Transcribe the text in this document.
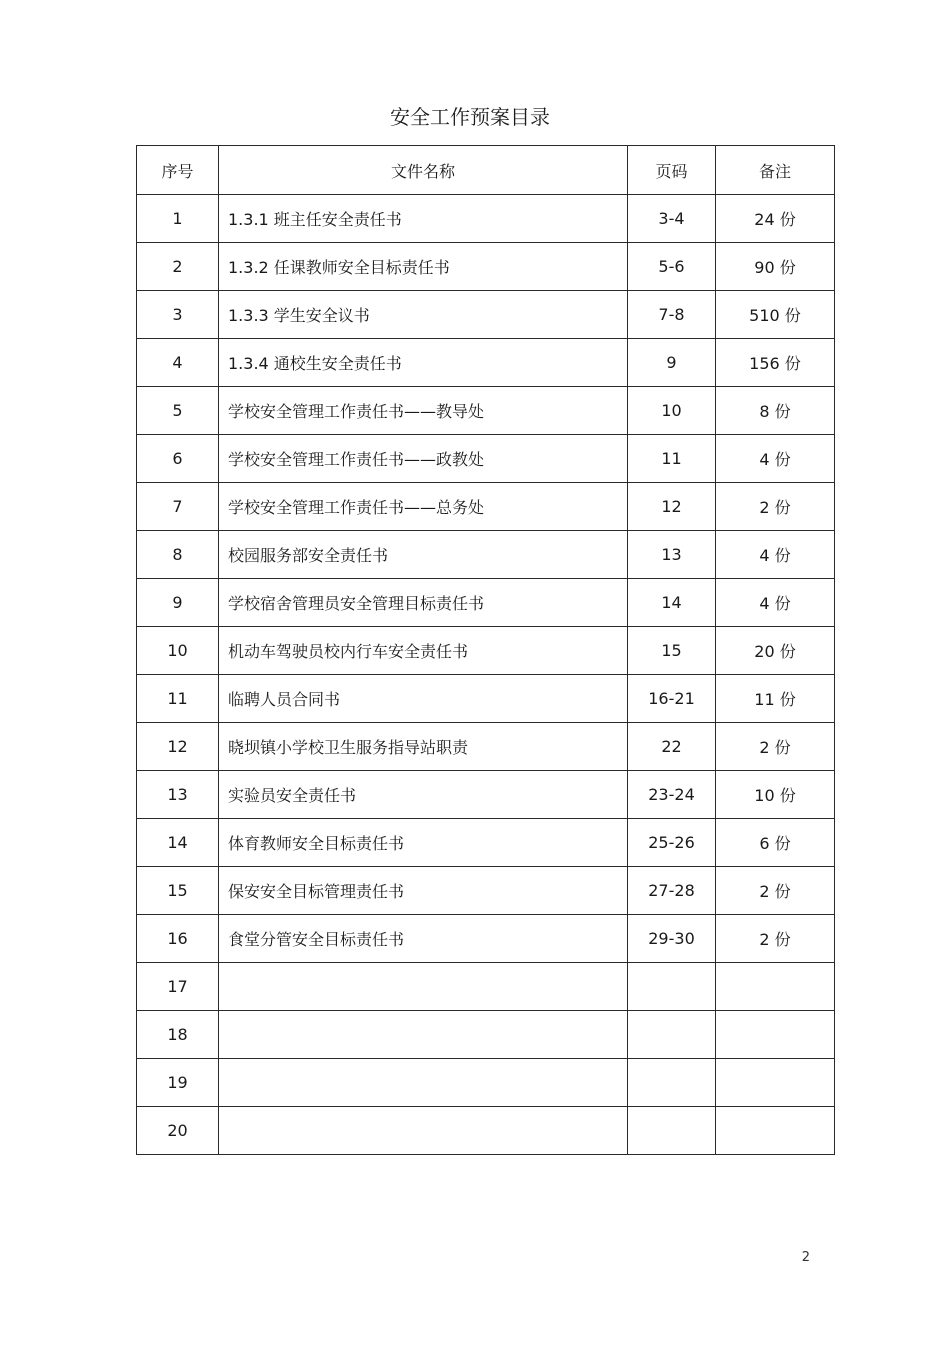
安全工作预案目录
序号	文件名称	页码	备注
1	1.3.1 班主任安全责任书	3-4	24 份
2	1.3.2 任课教师安全目标责任书	5-6	90 份
3	1.3.3 学生安全议书	7-8	510 份
4	1.3.4 通校生安全责任书	9	156 份
5	学校安全管理工作责任书——教导处	10	8 份
6	学校安全管理工作责任书——政教处	11	4 份
7	学校安全管理工作责任书——总务处	12	2 份
8	校园服务部安全责任书	13	4 份
9	学校宿舍管理员安全管理目标责任书	14	4 份
10	机动车驾驶员校内行车安全责任书	15	20 份
11	临聘人员合同书	16-21	11 份
12	晓坝镇小学校卫生服务指导站职责	22	2 份
13	实验员安全责任书	23-24	10 份
14	体育教师安全目标责任书	25-26	6 份
15	保安安全目标管理责任书	27-28	2 份
16	食堂分管安全目标责任书	29-30	2 份
17			
18			
19			
20			
2
